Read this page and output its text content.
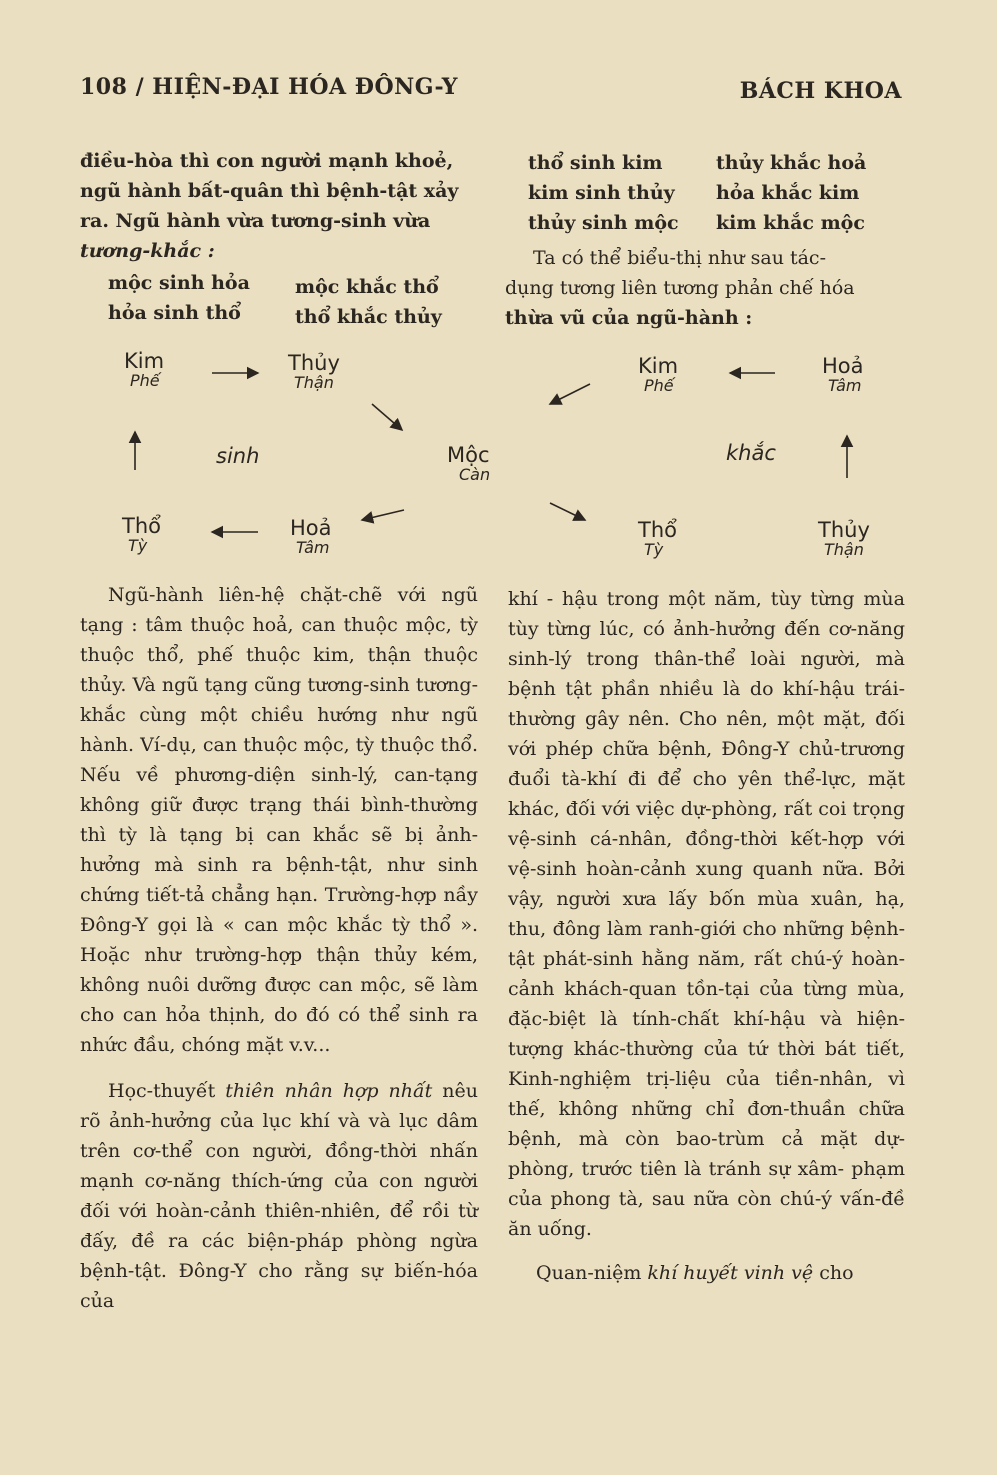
108 / HIỆN-ĐẠI HÓA ĐÔNG-Y	BÁCH KHOA
điều-hòa thì con người mạnh khoẻ,
ngũ hành bất-quân thì bệnh-tật xảy
ra. Ngũ hành vừa tương-sinh vừa
tương-khắc :
mộc sinh hỏa
hỏa sinh thổ
mộc khắc thổ
thổ khắc thủy
thổ sinh kim
kim sinh thủy
thủy sinh mộc
thủy khắc hoả
hỏa khắc kim
kim khắc mộc
Ta có thể biểu-thị như sau tác-
dụng tương liên tương phản chế hóa
thừa vũ của ngũ-hành :
Kim
Phế
Thủy
Thận
Mộc
Càn
Hoả
Tâm
Thổ
Tỳ
sinh
Kim
Phế
Hoả
Tâm
Thổ
Tỳ
Thủy
Thận
khắc

Ngũ-hành liên-hệ chặt-chẽ với ngũ tạng : tâm thuộc hoả, can thuộc mộc, tỳ thuộc thổ, phế thuộc kim, thận thuộc thủy. Và ngũ tạng cũng tương-sinh tương-khắc cùng một chiều hướng như ngũ hành. Ví-dụ, can thuộc mộc, tỳ thuộc thổ. Nếu về phương-diện sinh-lý, can-tạng không giữ được trạng thái bình-thường thì tỳ là tạng bị can khắc sẽ bị ảnh-hưởng mà sinh ra bệnh-tật, như sinh chứng tiết-tả chẳng hạn. Trường-hợp nầy Đông-Y gọi là « can mộc khắc tỳ thổ ». Hoặc như trường-hợp thận thủy kém, không nuôi dưỡng được can mộc, sẽ làm cho can hỏa thịnh, do đó có thể sinh ra nhức đầu, chóng mặt v.v...

Học-thuyết thiên nhân hợp nhất nêu rõ ảnh-hưởng của lục khí và và lục dâm trên cơ-thể con người, đồng-thời nhấn mạnh cơ-năng thích-ứng của con người đối với hoàn-cảnh thiên-nhiên, để rồi từ đấy, đề ra các biện-pháp phòng ngừa bệnh-tật. Đông-Y cho rằng sự biến-hóa của

khí - hậu trong một năm, tùy từng mùa tùy từng lúc, có ảnh-hưởng đến cơ-năng sinh-lý trong thân-thể loài người, mà bệnh tật phần nhiều là do khí-hậu trái-thường gây nên. Cho nên, một mặt, đối với phép chữa bệnh, Đông-Y chủ-trương đuổi tà-khí đi để cho yên thể-lực, mặt khác, đối với việc dự-phòng, rất coi trọng vệ-sinh cá-nhân, đồng-thời kết-hợp với vệ-sinh hoàn-cảnh xung quanh nữa. Bởi vậy, người xưa lấy bốn mùa xuân, hạ, thu, đông làm ranh-giới cho những bệnh-tật phát-sinh hằng năm, rất chú-ý hoàn-cảnh khách-quan tồn-tại của từng mùa, đặc-biệt là tính-chất khí-hậu và hiện-tượng khác-thường của tứ thời bát tiết, Kinh-nghiệm trị-liệu của tiền-nhân, vì thế, không những chỉ đơn-thuần chữa bệnh, mà còn bao-trùm cả mặt dự- phòng, trước tiên là tránh sự xâm- phạm của phong tà, sau nữa còn chú-ý vấn-đề ăn uống.

Quan-niệm khí huyết vinh vệ cho
